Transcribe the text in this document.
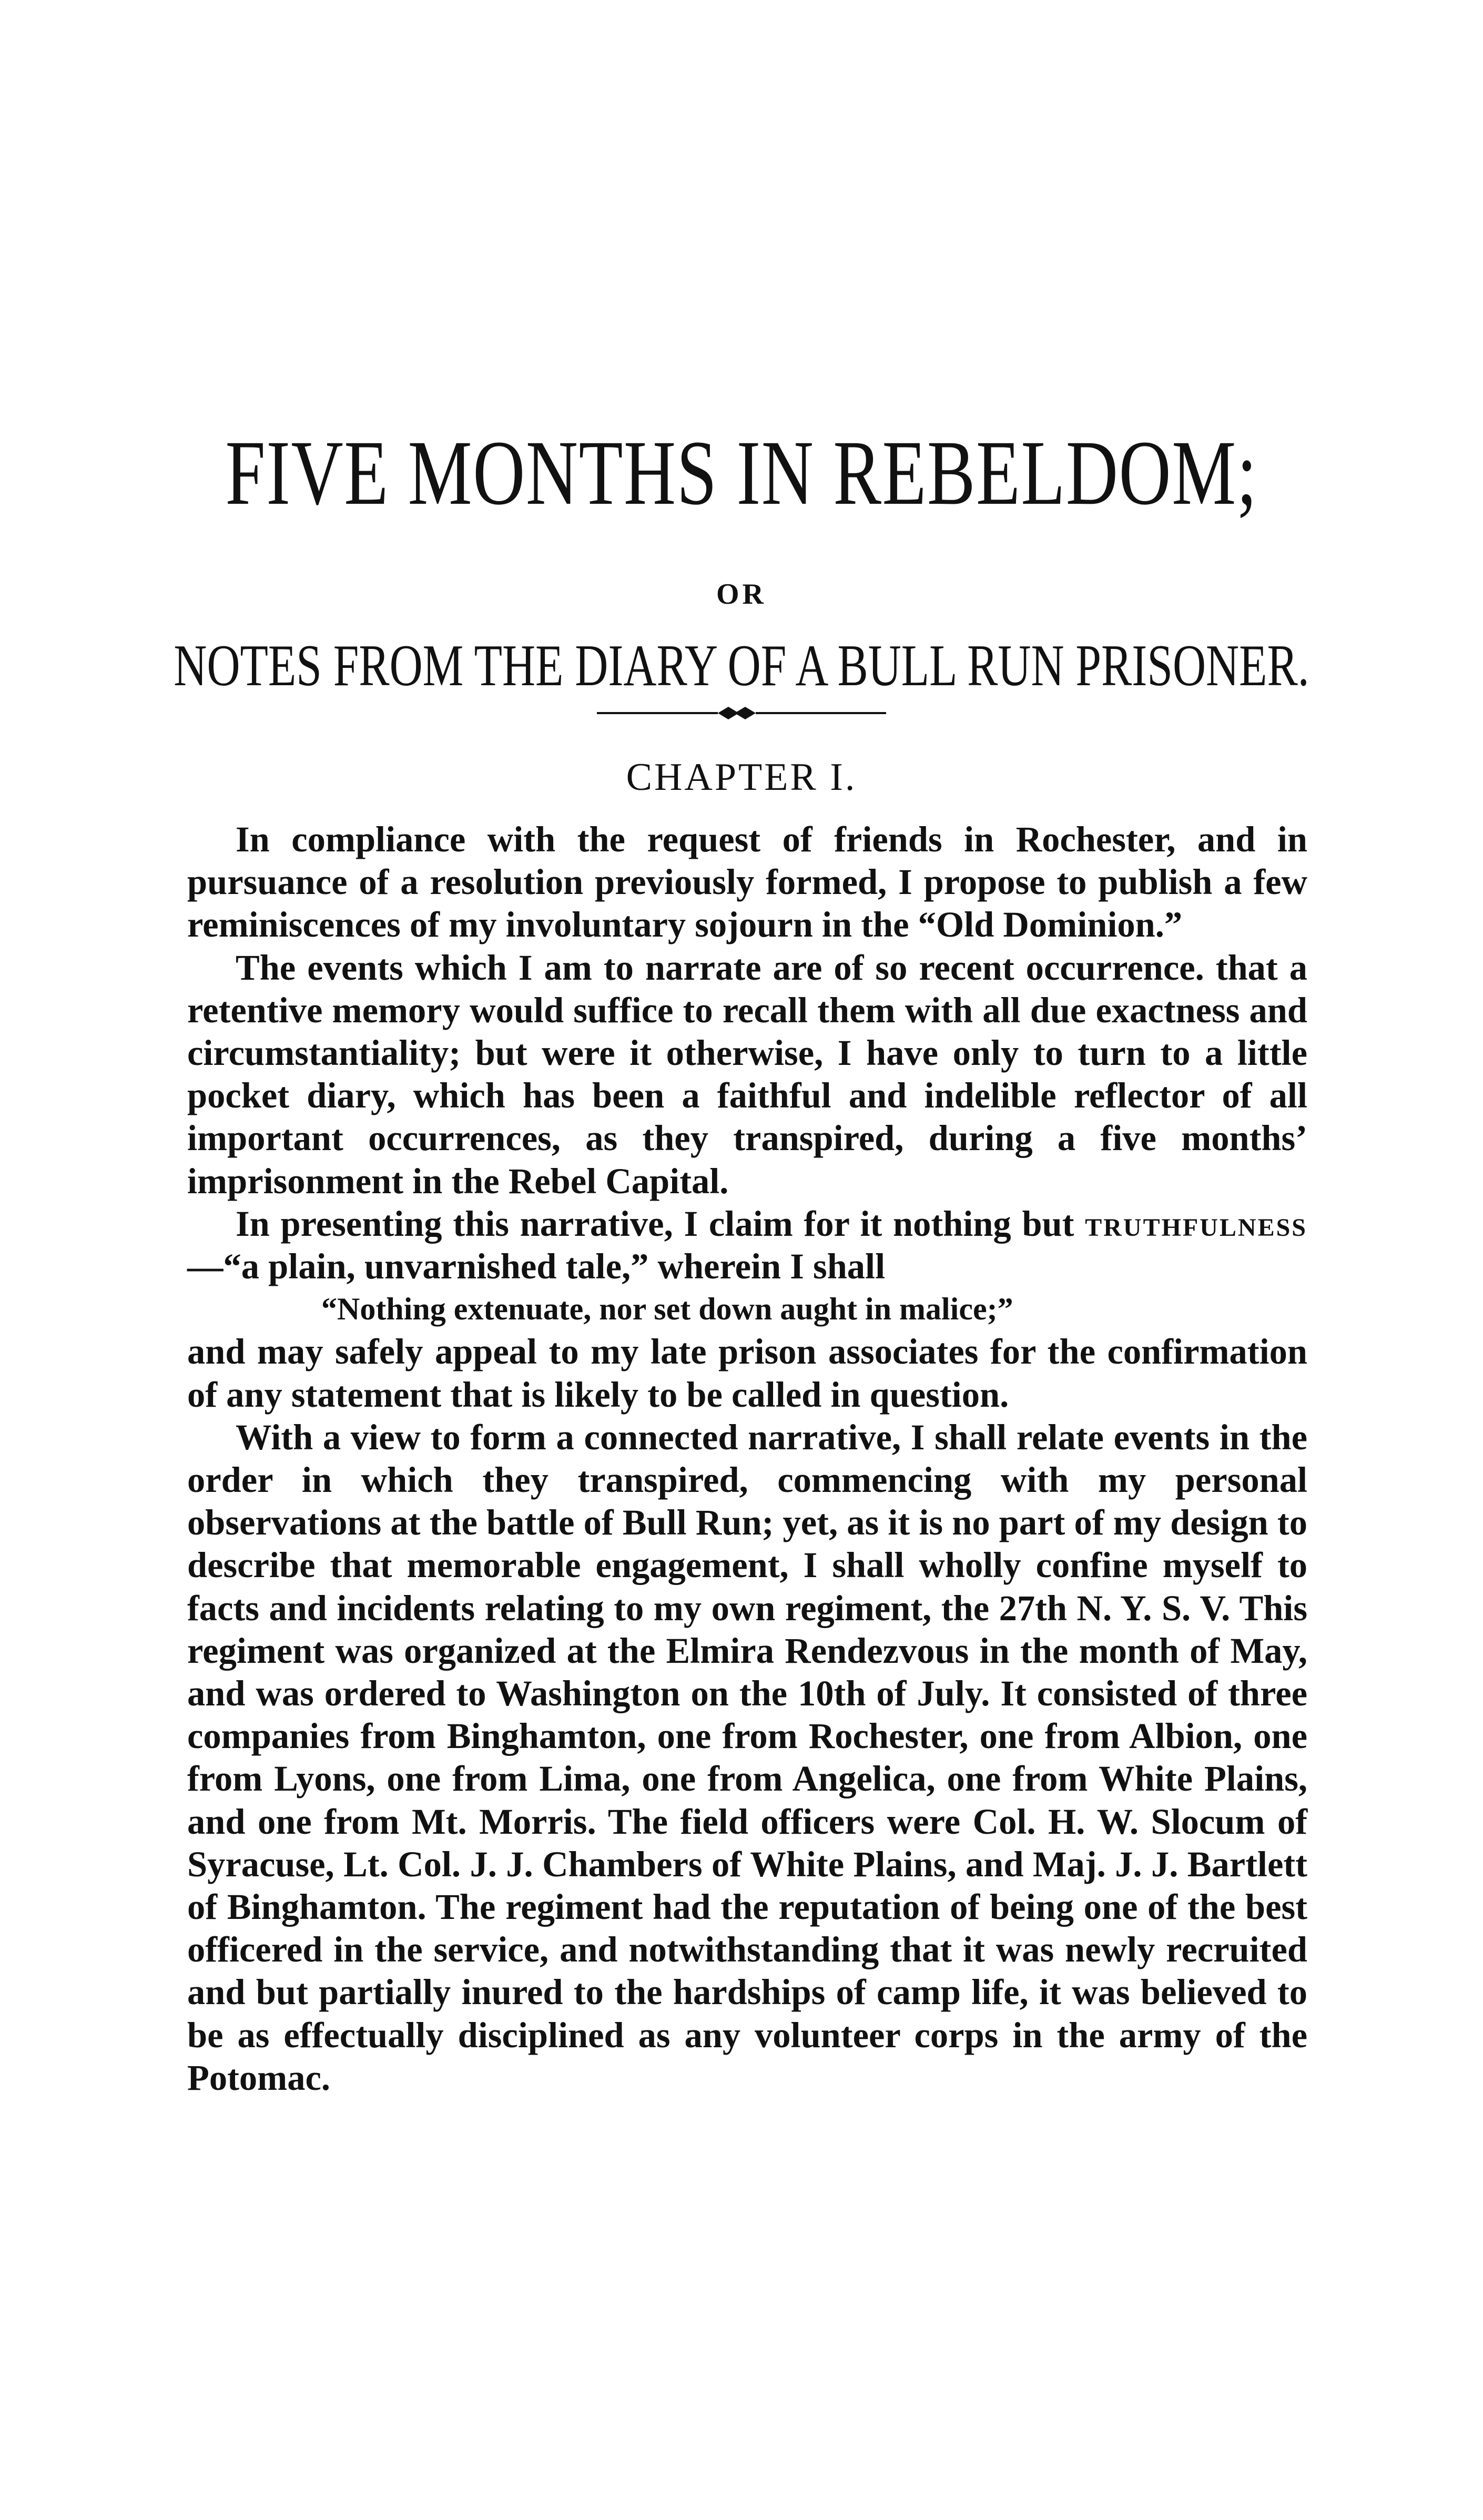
FIVE MONTHS IN REBELDOM;
OR
NOTES FROM THE DIARY OF A BULL RUN PRISONER.
CHAPTER I.

In compliance with the request of friends in Rochester, and in pursuance of a resolution previously formed, I propose to publish a few reminiscences of my involuntary sojourn in the “Old Dominion.”

The events which I am to narrate are of so recent occurrence. that a retentive memory would suffice to recall them with all due exactness and circumstantiality; but were it otherwise, I have only to turn to a little pocket diary, which has been a faithful and indelible reflector of all important occurrences, as they transpired, during a five months’ imprisonment in the Rebel Capital.

In presenting this narrative, I claim for it nothing but truthfulness—“a plain, unvarnished tale,” wherein I shall

“Nothing extenuate, nor set down aught in malice;”

and may safely appeal to my late prison associates for the confirmation of any statement that is likely to be called in question.

With a view to form a connected narrative, I shall relate events in the order in which they transpired, commencing with my personal observations at the battle of Bull Run; yet, as it is no part of my design to describe that memorable engagement, I shall wholly confine myself to facts and incidents relating to my own regiment, the 27th N. Y. S. V. This regiment was organized at the Elmira Rendezvous in the month of May, and was ordered to Washington on the 10th of July. It consisted of three companies from Binghamton, one from Rochester, one from Albion, one from Lyons, one from Lima, one from Angelica, one from White Plains, and one from Mt. Morris. The field officers were Col. H. W. Slocum of Syracuse, Lt. Col. J. J. Chambers of White Plains, and Maj. J. J. Bartlett of Binghamton. The regiment had the reputation of being one of the best officered in the service, and notwithstanding that it was newly recruited and but partially inured to the hardships of camp life, it was believed to be as effectually disciplined as any volunteer corps in the army of the Potomac.
